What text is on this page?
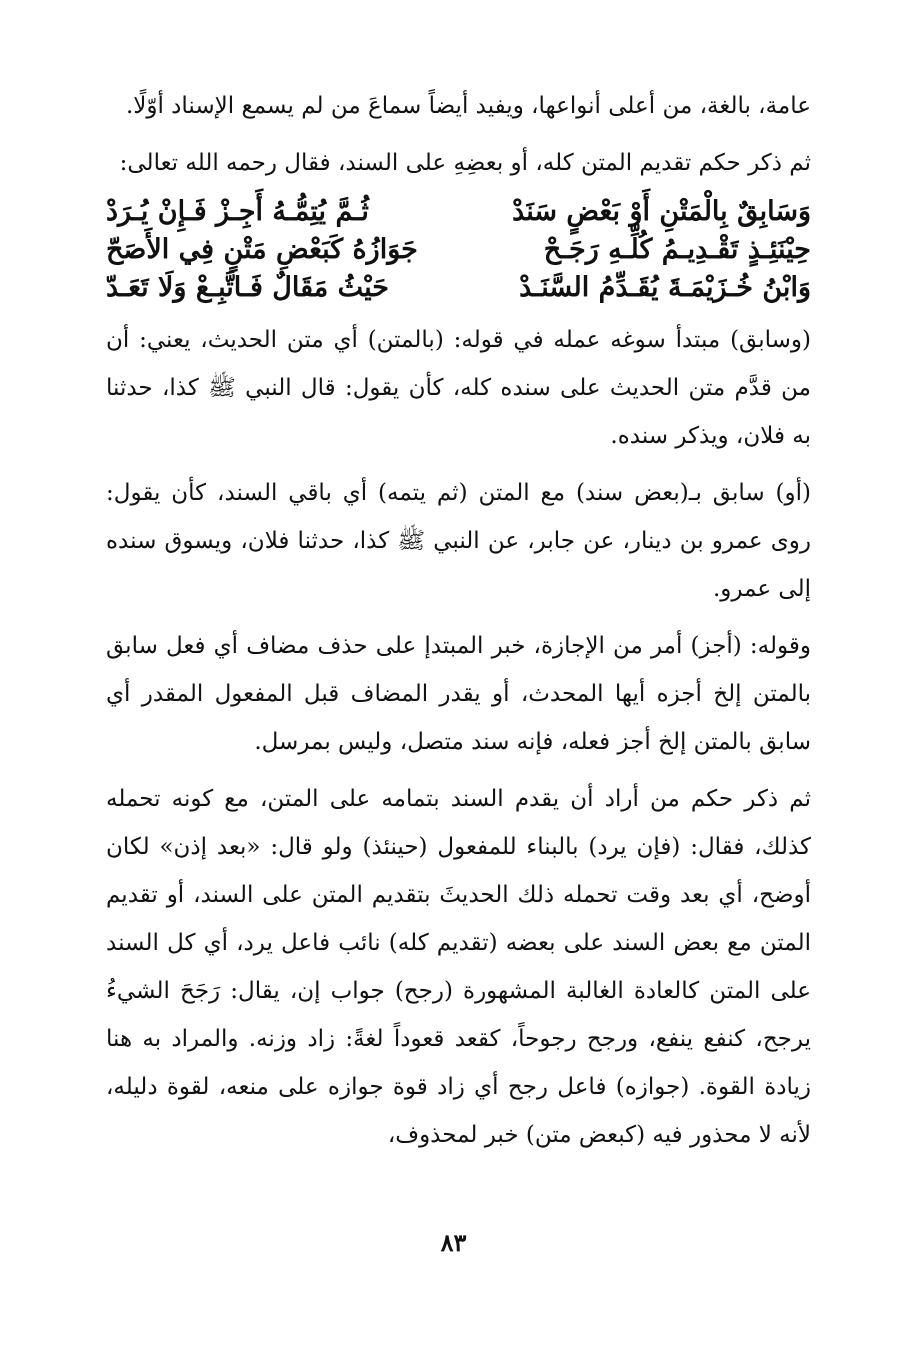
عامة، بالغة، من أعلى أنواعها، ويفيد أيضاً سماعَ من لم يسمع الإسناد أوّلًا.

ثم ذكر حكم تقديم المتن كله، أو بعضِهِ على السند، فقال رحمه الله تعالى:

وَسَابِقٌ بِالْمَتْنِ أَوْ بَعْضٍ سَنَدْ
ثُـمَّ يُتِمُّـهُ أَجِـزْ فَـإِنْ يُـرَدْ
حِيْنَئِـذٍ تَقْـدِيـمُ كُلِّـهِ رَجَـحْ
جَوَازُهُ كَبَعْضِ مَتْنٍ فِي الأَصَحّ
وَابْنُ خُـزَيْمَـةَ يُقَـدِّمُ السَّنَـدْ
حَيْثُ مَقَالٌ فَـاتَّبِـعْ وَلَا تَعَـدّ

(وسابق) مبتدأ سوغه عمله في قوله: (بالمتن) أي متن الحديث، يعني: أن من قدَّم متن الحديث على سنده كله، كأن يقول: قال النبي ﷺ كذا، حدثنا به فلان، ويذكر سنده.

(أو) سابق بـ(بعض سند) مع المتن (ثم يتمه) أي باقي السند، كأن يقول: روى عمرو بن دينار، عن جابر، عن النبي ﷺ كذا، حدثنا فلان، ويسوق سنده إلى عمرو.

وقوله: (أجز) أمر من الإجازة، خبر المبتدإ على حذف مضاف أي فعل سابق بالمتن إلخ أجزه أيها المحدث، أو يقدر المضاف قبل المفعول المقدر أي سابق بالمتن إلخ أجز فعله، فإنه سند متصل، وليس بمرسل.

ثم ذكر حكم من أراد أن يقدم السند بتمامه على المتن، مع كونه تحمله كذلك، فقال: (فإن يرد) بالبناء للمفعول (حينئذ) ولو قال: «بعد إذن» لكان أوضح، أي بعد وقت تحمله ذلك الحديثَ بتقديم المتن على السند، أو تقديم المتن مع بعض السند على بعضه (تقديم كله) نائب فاعل يرد، أي كل السند على المتن كالعادة الغالبة المشهورة (رجح) جواب إن، يقال: رَجَحَ الشيءُ يرجح، كنفع ينفع، ورجح رجوحاً، كقعد قعوداً لغةً: زاد وزنه. والمراد به هنا زيادة القوة. (جوازه) فاعل رجح أي زاد قوة جوازه على منعه، لقوة دليله، لأنه لا محذور فيه (كبعض متن) خبر لمحذوف،

٨٣
